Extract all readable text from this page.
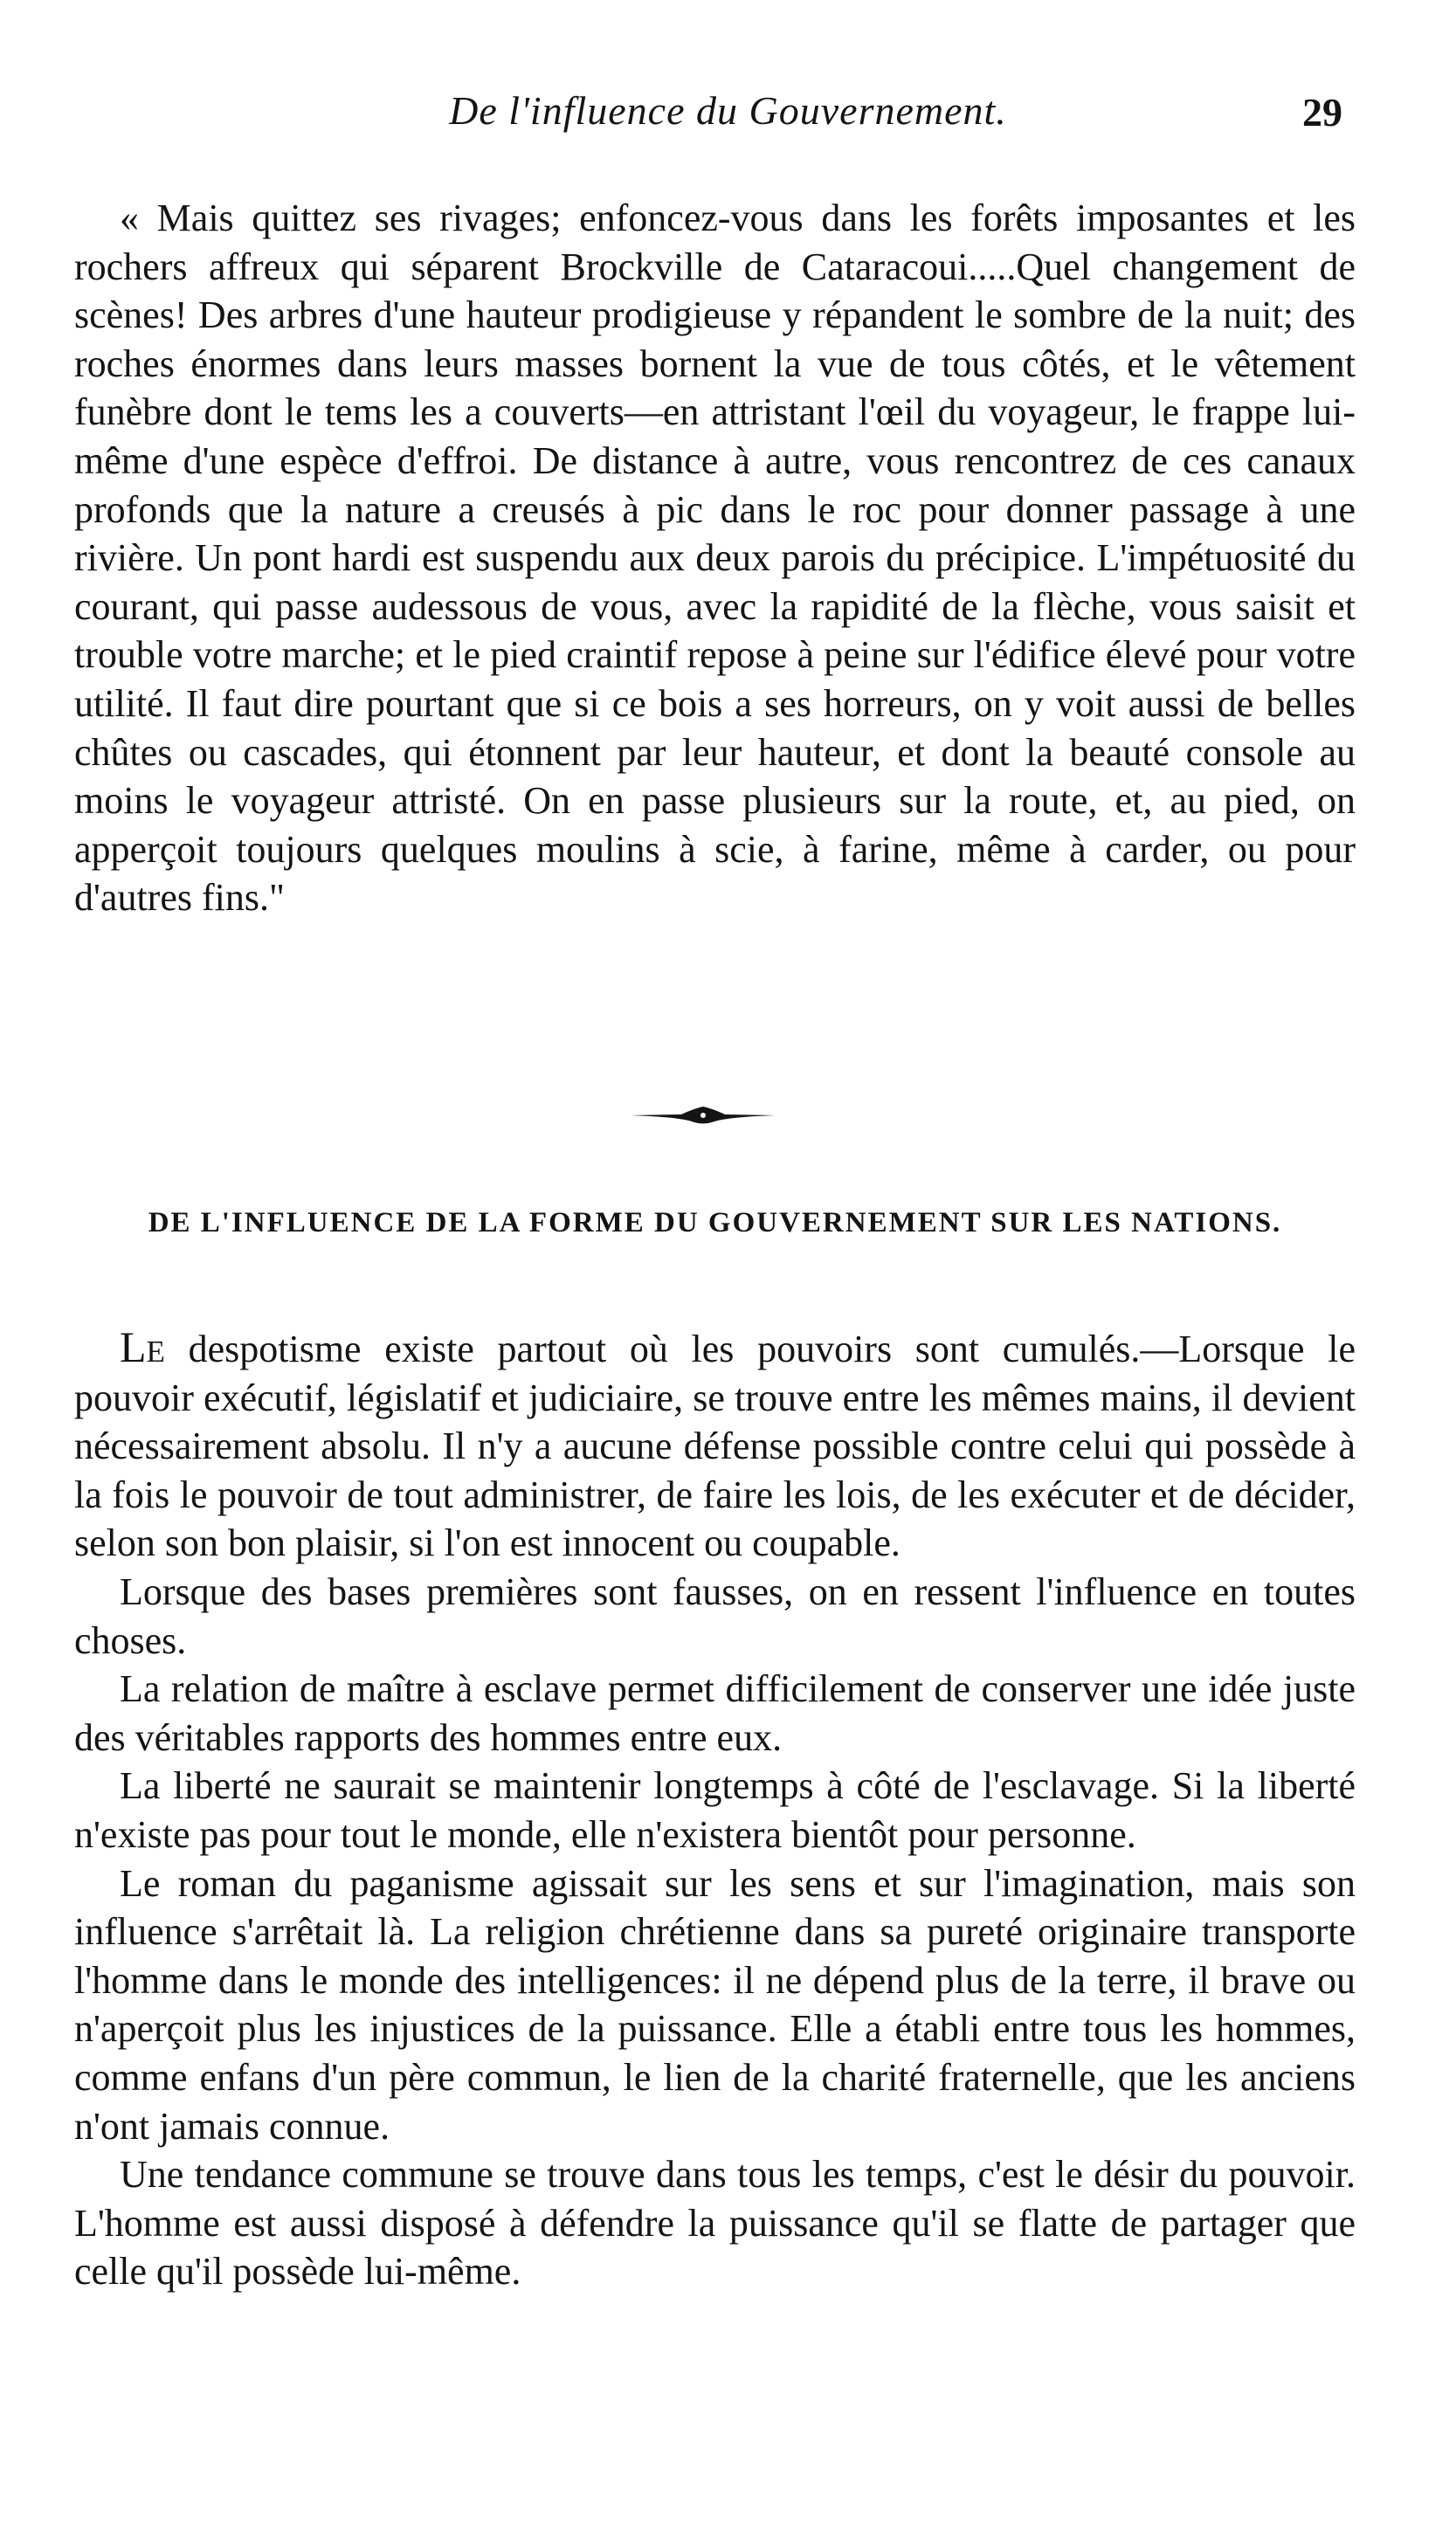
De l'influence du Gouvernement.	29

« Mais quittez ses rivages; enfoncez-vous dans les forêts imposantes et les rochers affreux qui séparent Brockville de Cataracoui.....Quel changement de scènes! Des arbres d'une hauteur prodigieuse y répandent le sombre de la nuit; des roches énormes dans leurs masses bornent la vue de tous côtés, et le vêtement funèbre dont le tems les a couverts—en attristant l'œil du voyageur, le frappe lui-même d'une espèce d'effroi. De distance à autre, vous rencontrez de ces canaux profonds que la nature a creusés à pic dans le roc pour donner passage à une rivière. Un pont hardi est suspendu aux deux parois du précipice. L'impétuosité du courant, qui passe audessous de vous, avec la rapidité de la flèche, vous saisit et trouble votre marche; et le pied craintif repose à peine sur l'édifice élevé pour votre utilité. Il faut dire pourtant que si ce bois a ses horreurs, on y voit aussi de belles chûtes ou cascades, qui étonnent par leur hauteur, et dont la beauté console au moins le voyageur attristé. On en passe plusieurs sur la route, et, au pied, on apperçoit toujours quelques moulins à scie, à farine, même à carder, ou pour d'autres fins."

DE L'INFLUENCE DE LA FORME DU GOUVERNEMENT SUR LES NATIONS.

Le despotisme existe partout où les pouvoirs sont cumulés.—Lorsque le pouvoir exécutif, législatif et judiciaire, se trouve entre les mêmes mains, il devient nécessairement absolu. Il n'y a aucune défense possible contre celui qui possède à la fois le pouvoir de tout administrer, de faire les lois, de les exécuter et de décider, selon son bon plaisir, si l'on est innocent ou coupable.

Lorsque des bases premières sont fausses, on en ressent l'influence en toutes choses.

La relation de maître à esclave permet difficilement de conserver une idée juste des véritables rapports des hommes entre eux.

La liberté ne saurait se maintenir longtemps à côté de l'esclavage. Si la liberté n'existe pas pour tout le monde, elle n'existera bientôt pour personne.

Le roman du paganisme agissait sur les sens et sur l'imagination, mais son influence s'arrêtait là. La religion chrétienne dans sa pureté originaire transporte l'homme dans le monde des intelligences: il ne dépend plus de la terre, il brave ou n'aperçoit plus les injustices de la puissance. Elle a établi entre tous les hommes, comme enfans d'un père commun, le lien de la charité fraternelle, que les anciens n'ont jamais connue.

Une tendance commune se trouve dans tous les temps, c'est le désir du pouvoir. L'homme est aussi disposé à défendre la puissance qu'il se flatte de partager que celle qu'il possède lui-même.
